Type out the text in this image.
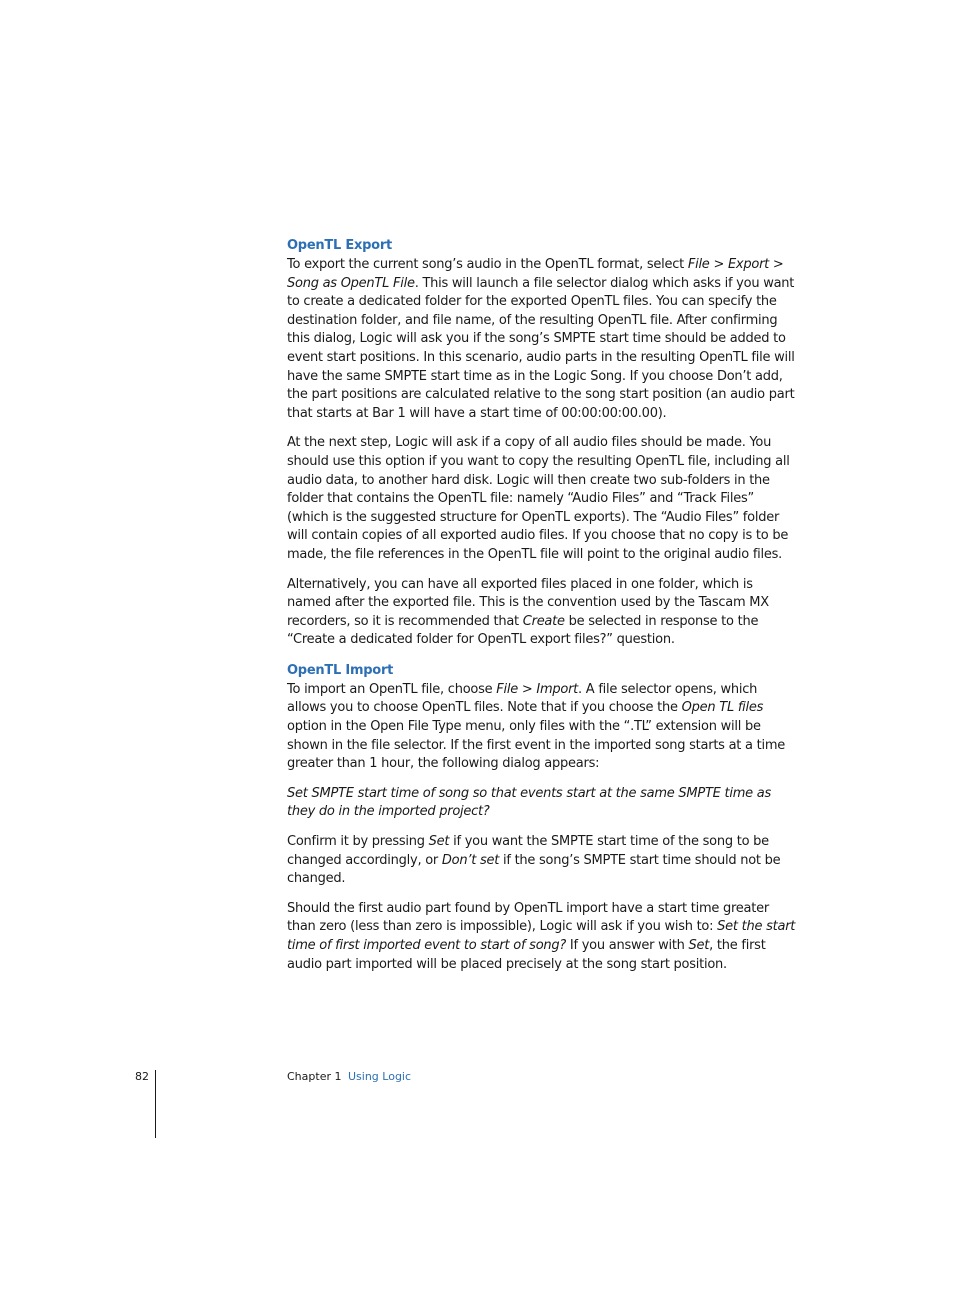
OpenTL Export

To export the current song’s audio in the OpenTL format, select File > Export > Song as OpenTL File. This will launch a file selector dialog which asks if you want to create a dedicated folder for the exported OpenTL files. You can specify the destination folder, and file name, of the resulting OpenTL file. After confirming this dialog, Logic will ask you if the song’s SMPTE start time should be added to event start positions. In this scenario, audio parts in the resulting OpenTL file will have the same SMPTE start time as in the Logic Song. If you choose Don’t add, the part positions are calculated relative to the song start position (an audio part that starts at Bar 1 will have a start time of 00:00:00:00.00).

At the next step, Logic will ask if a copy of all audio files should be made. You should use this option if you want to copy the resulting OpenTL file, including all audio data, to another hard disk. Logic will then create two sub-folders in the folder that contains the OpenTL file: namely “Audio Files” and “Track Files” (which is the suggested structure for OpenTL exports). The “Audio Files” folder will contain copies of all exported audio files. If you choose that no copy is to be made, the file references in the OpenTL file will point to the original audio files.

Alternatively, you can have all exported files placed in one folder, which is named after the exported file. This is the convention used by the Tascam MX recorders, so it is recommended that Create be selected in response to the “Create a dedicated folder for OpenTL export files?” question.

OpenTL Import

To import an OpenTL file, choose File > Import. A file selector opens, which allows you to choose OpenTL files. Note that if you choose the Open TL files option in the Open File Type menu, only files with the “.TL” extension will be shown in the file selector. If the first event in the imported song starts at a time greater than 1 hour, the following dialog appears:

Set SMPTE start time of song so that events start at the same SMPTE time as they do in the imported project?

Confirm it by pressing Set if you want the SMPTE start time of the song to be changed accordingly, or Don’t set if the song’s SMPTE start time should not be changed.

Should the first audio part found by OpenTL import have a start time greater than zero (less than zero is impossible), Logic will ask if you wish to: Set the start time of first imported event to start of song? If you answer with Set, the first audio part imported will be placed precisely at the song start position.

82	Chapter 1 Using Logic
